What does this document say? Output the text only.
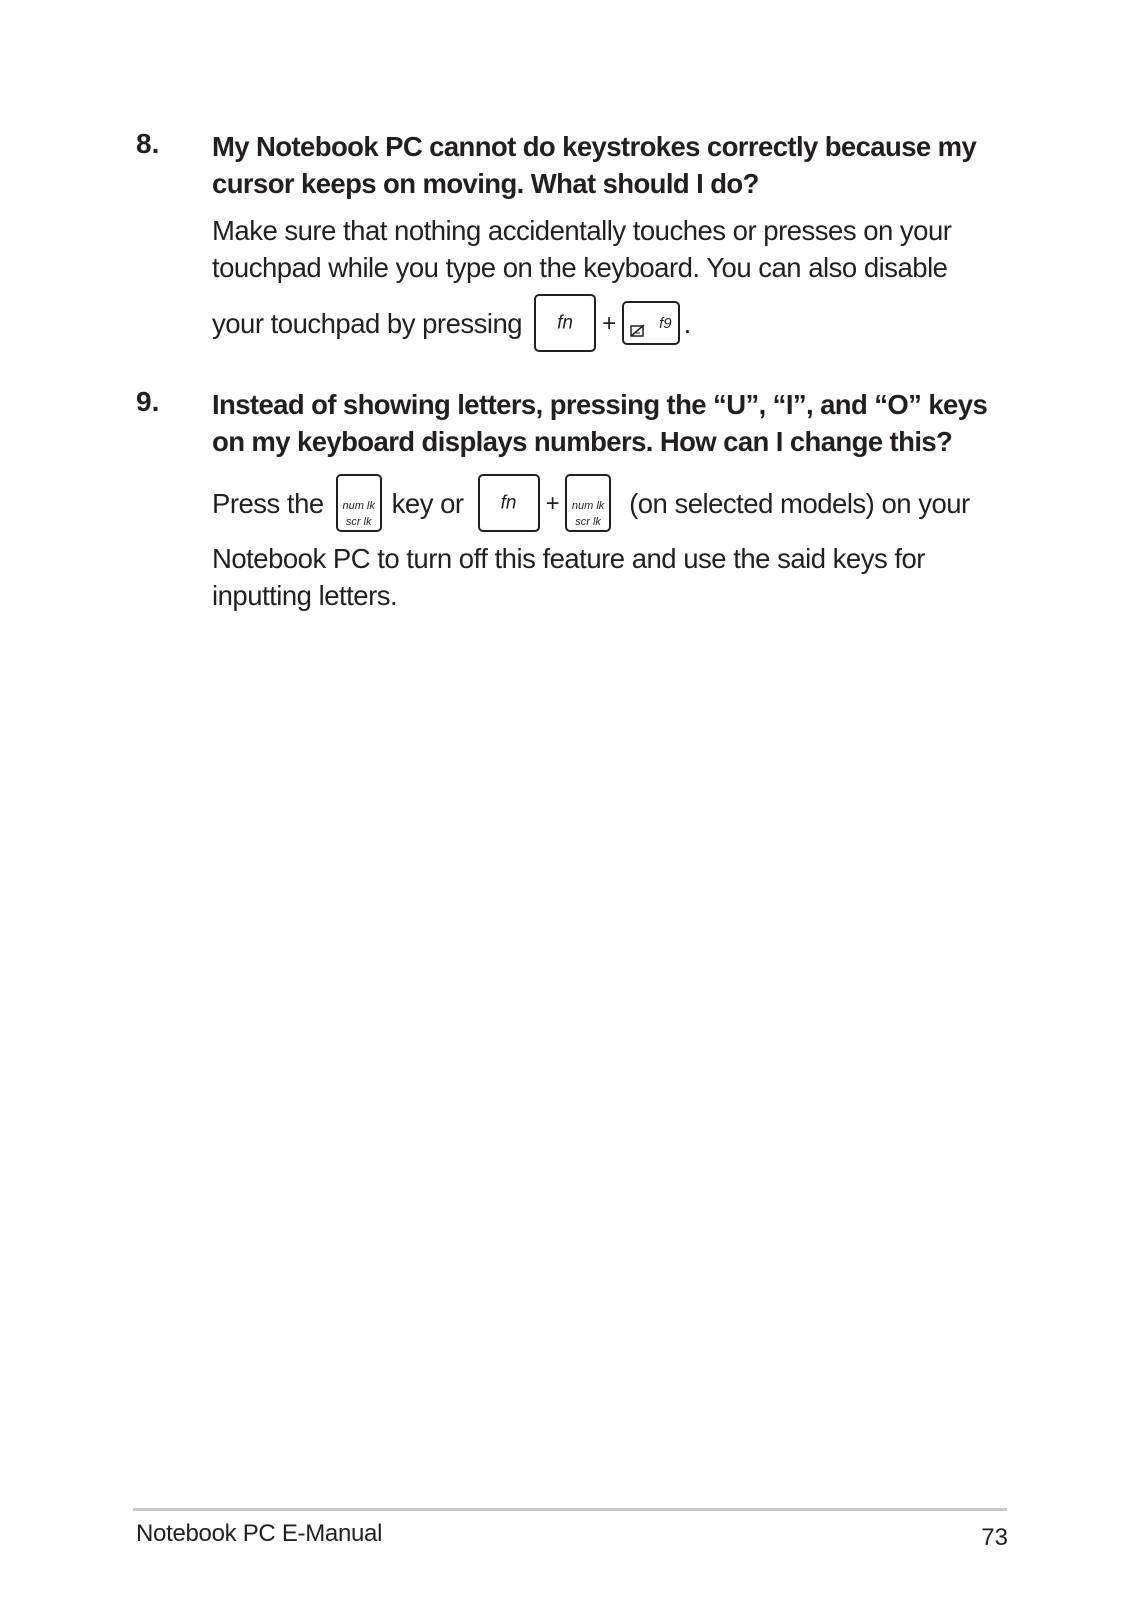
8. My Notebook PC cannot do keystrokes correctly because my
cursor keeps on moving. What should I do?
Make sure that nothing accidentally touches or presses on your
touchpad while you type on the keyboard. You can also disable
your touchpad by pressing	fn	+	f9 .
9. Instead of showing letters, pressing the “U”, “I”, and “O” keys
on my keyboard displays numbers. How can I change this?
Press the	num lk
scr lk
key or	fn	+	num lk
scr lk
(on selected models) on your
Notebook PC to turn off this feature and use the said keys for
inputting letters.
Notebook PC E-Manual	73
